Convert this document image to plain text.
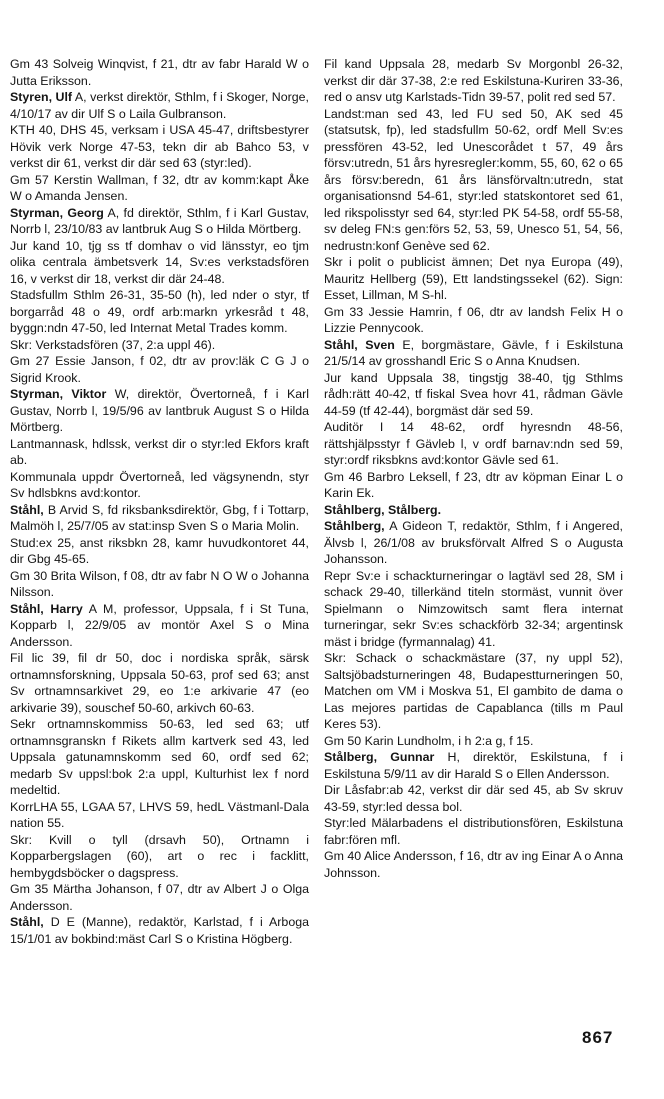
Gm 43 Solveig Winqvist, f 21, dtr av fabr Harald W o Jutta Eriksson.

Styren, Ulf A, verkst direktör, Sthlm, f i Skoger, Norge, 4/10/17 av dir Ulf S o Laila Gulbranson.

KTH 40, DHS 45, verksam i USA 45-47, driftsbestyrer Hövik verk Norge 47-53, tekn dir ab Bahco 53, v verkst dir 61, verkst dir där sed 63 (styr:led).

Gm 57 Kerstin Wallman, f 32, dtr av komm:kapt Åke W o Amanda Jensen.

Styrman, Georg A, fd direktör, Sthlm, f i Karl Gustav, Norrb l, 23/10/83 av lantbruk Aug S o Hilda Mörtberg.

Jur kand 10, tjg ss tf domhav o vid länsstyr, eo tjm olika centrala ämbetsverk 14, Sv:es verkstadsfören 16, v verkst dir 18, verkst dir där 24-48.

Stadsfullm Sthlm 26-31, 35-50 (h), led nder o styr, tf borgarråd 48 o 49, ordf arb:markn yrkesråd t 48, byggn:ndn 47-50, led Internat Metal Trades komm.

Skr: Verkstadsfören (37, 2:a uppl 46).

Gm 27 Essie Janson, f 02, dtr av prov:läk C G J o Sigrid Krook.

Styrman, Viktor W, direktör, Övertorneå, f i Karl Gustav, Norrb l, 19/5/96 av lantbruk August S o Hilda Mörtberg.

Lantmannask, hdlssk, verkst dir o styr:led Ekfors kraft ab.

Kommunala uppdr Övertorneå, led vägsynendn, styr Sv hdlsbkns avd:kontor.

Ståhl, B Arvid S, fd riksbanksdirektör, Gbg, f i Tottarp, Malmöh l, 25/7/05 av stat:insp Sven S o Maria Molin.

Stud:ex 25, anst riksbkn 28, kamr huvudkontoret 44, dir Gbg 45-65.

Gm 30 Brita Wilson, f 08, dtr av fabr N O W o Johanna Nilsson.

Ståhl, Harry A M, professor, Uppsala, f i St Tuna, Kopparb l, 22/9/05 av montör Axel S o Mina Andersson.

Fil lic 39, fil dr 50, doc i nordiska språk, särsk ortnamnsforskning, Uppsala 50-63, prof sed 63; anst Sv ortnamnsarkivet 29, eo 1:e arkivarie 47 (eo arkivarie 39), souschef 50-60, arkivch 60-63.

Sekr ortnamnskommiss 50-63, led sed 63; utf ortnamnsgranskn f Rikets allm kartverk sed 43, led Uppsala gatunamnskomm sed 60, ordf sed 62; medarb Sv uppsl:bok 2:a uppl, Kulturhist lex f nord medeltid.

KorrLHA 55, LGAA 57, LHVS 59, hedL Västmanl-Dala nation 55.

Skr: Kvill o tyll (drsavh 50), Ortnamn i Kopparbergslagen (60), art o rec i facklitt, hembygdsböcker o dagspress.

Gm 35 Märtha Johanson, f 07, dtr av Albert J o Olga Andersson.

Ståhl, D E (Manne), redaktör, Karlstad, f i Arboga 15/1/01 av bokbind:mäst Carl S o Kristina Högberg.

Fil kand Uppsala 28, medarb Sv Morgonbl 26-32, verkst dir där 37-38, 2:e red Eskilstuna-Kuriren 33-36, red o ansv utg Karlstads-Tidn 39-57, polit red sed 57.

Landst:man sed 43, led FU sed 50, AK sed 45 (statsutsk, fp), led stadsfullm 50-62, ordf Mell Sv:es pressfören 43-52, led Unescorådet t 57, 49 års försv:utredn, 51 års hyresregler:komm, 55, 60, 62 o 65 års försv:beredn, 61 års länsförvaltn:utredn, stat organisationsnd 54-61, styr:led statskontoret sed 61, led rikspolisstyr sed 64, styr:led PK 54-58, ordf 55-58, sv deleg FN:s gen:förs 52, 53, 59, Unesco 51, 54, 56, nedrustn:konf Genève sed 62.

Skr i polit o publicist ämnen; Det nya Europa (49), Mauritz Hellberg (59), Ett landstingssekel (62). Sign: Esset, Lillman, M S-hl.

Gm 33 Jessie Hamrin, f 06, dtr av landsh Felix H o Lizzie Pennycook.

Ståhl, Sven E, borgmästare, Gävle, f i Eskilstuna 21/5/14 av grosshandl Eric S o Anna Knudsen.

Jur kand Uppsala 38, tingstjg 38-40, tjg Sthlms rådh:rätt 40-42, tf fiskal Svea hovr 41, rådman Gävle 44-59 (tf 42-44), borgmäst där sed 59.

Auditör I 14 48-62, ordf hyresndn 48-56, rättshjälpsstyr f Gävleb l, v ordf barnav:ndn sed 59, styr:ordf riksbkns avd:kontor Gävle sed 61.

Gm 46 Barbro Leksell, f 23, dtr av köpman Einar L o Karin Ek.

Ståhlberg, Stålberg.

Ståhlberg, A Gideon T, redaktör, Sthlm, f i Angered, Älvsb l, 26/1/08 av bruksförvalt Alfred S o Augusta Johansson.

Repr Sv:e i schackturneringar o lagtävl sed 28, SM i schack 29-40, tillerkänd titeln stormäst, vunnit över Spielmann o Nimzowitsch samt flera internat turneringar, sekr Sv:es schackförb 32-34; argentinsk mäst i bridge (fyrmannalag) 41.

Skr: Schack o schackmästare (37, ny uppl 52), Saltsjöbadsturneringen 48, Budapestturneringen 50, Matchen om VM i Moskva 51, El gambito de dama o Las mejores partidas de Capablanca (tills m Paul Keres 53).

Gm 50 Karin Lundholm, i h 2:a g, f 15.

Stålberg, Gunnar H, direktör, Eskilstuna, f i Eskilstuna 5/9/11 av dir Harald S o Ellen Andersson.

Dir Låsfabr:ab 42, verkst dir där sed 45, ab Sv skruv 43-59, styr:led dessa bol.

Styr:led Mälarbadens el distributionsfören, Eskilstuna fabr:fören mfl.

Gm 40 Alice Andersson, f 16, dtr av ing Einar A o Anna Johnsson.

867
